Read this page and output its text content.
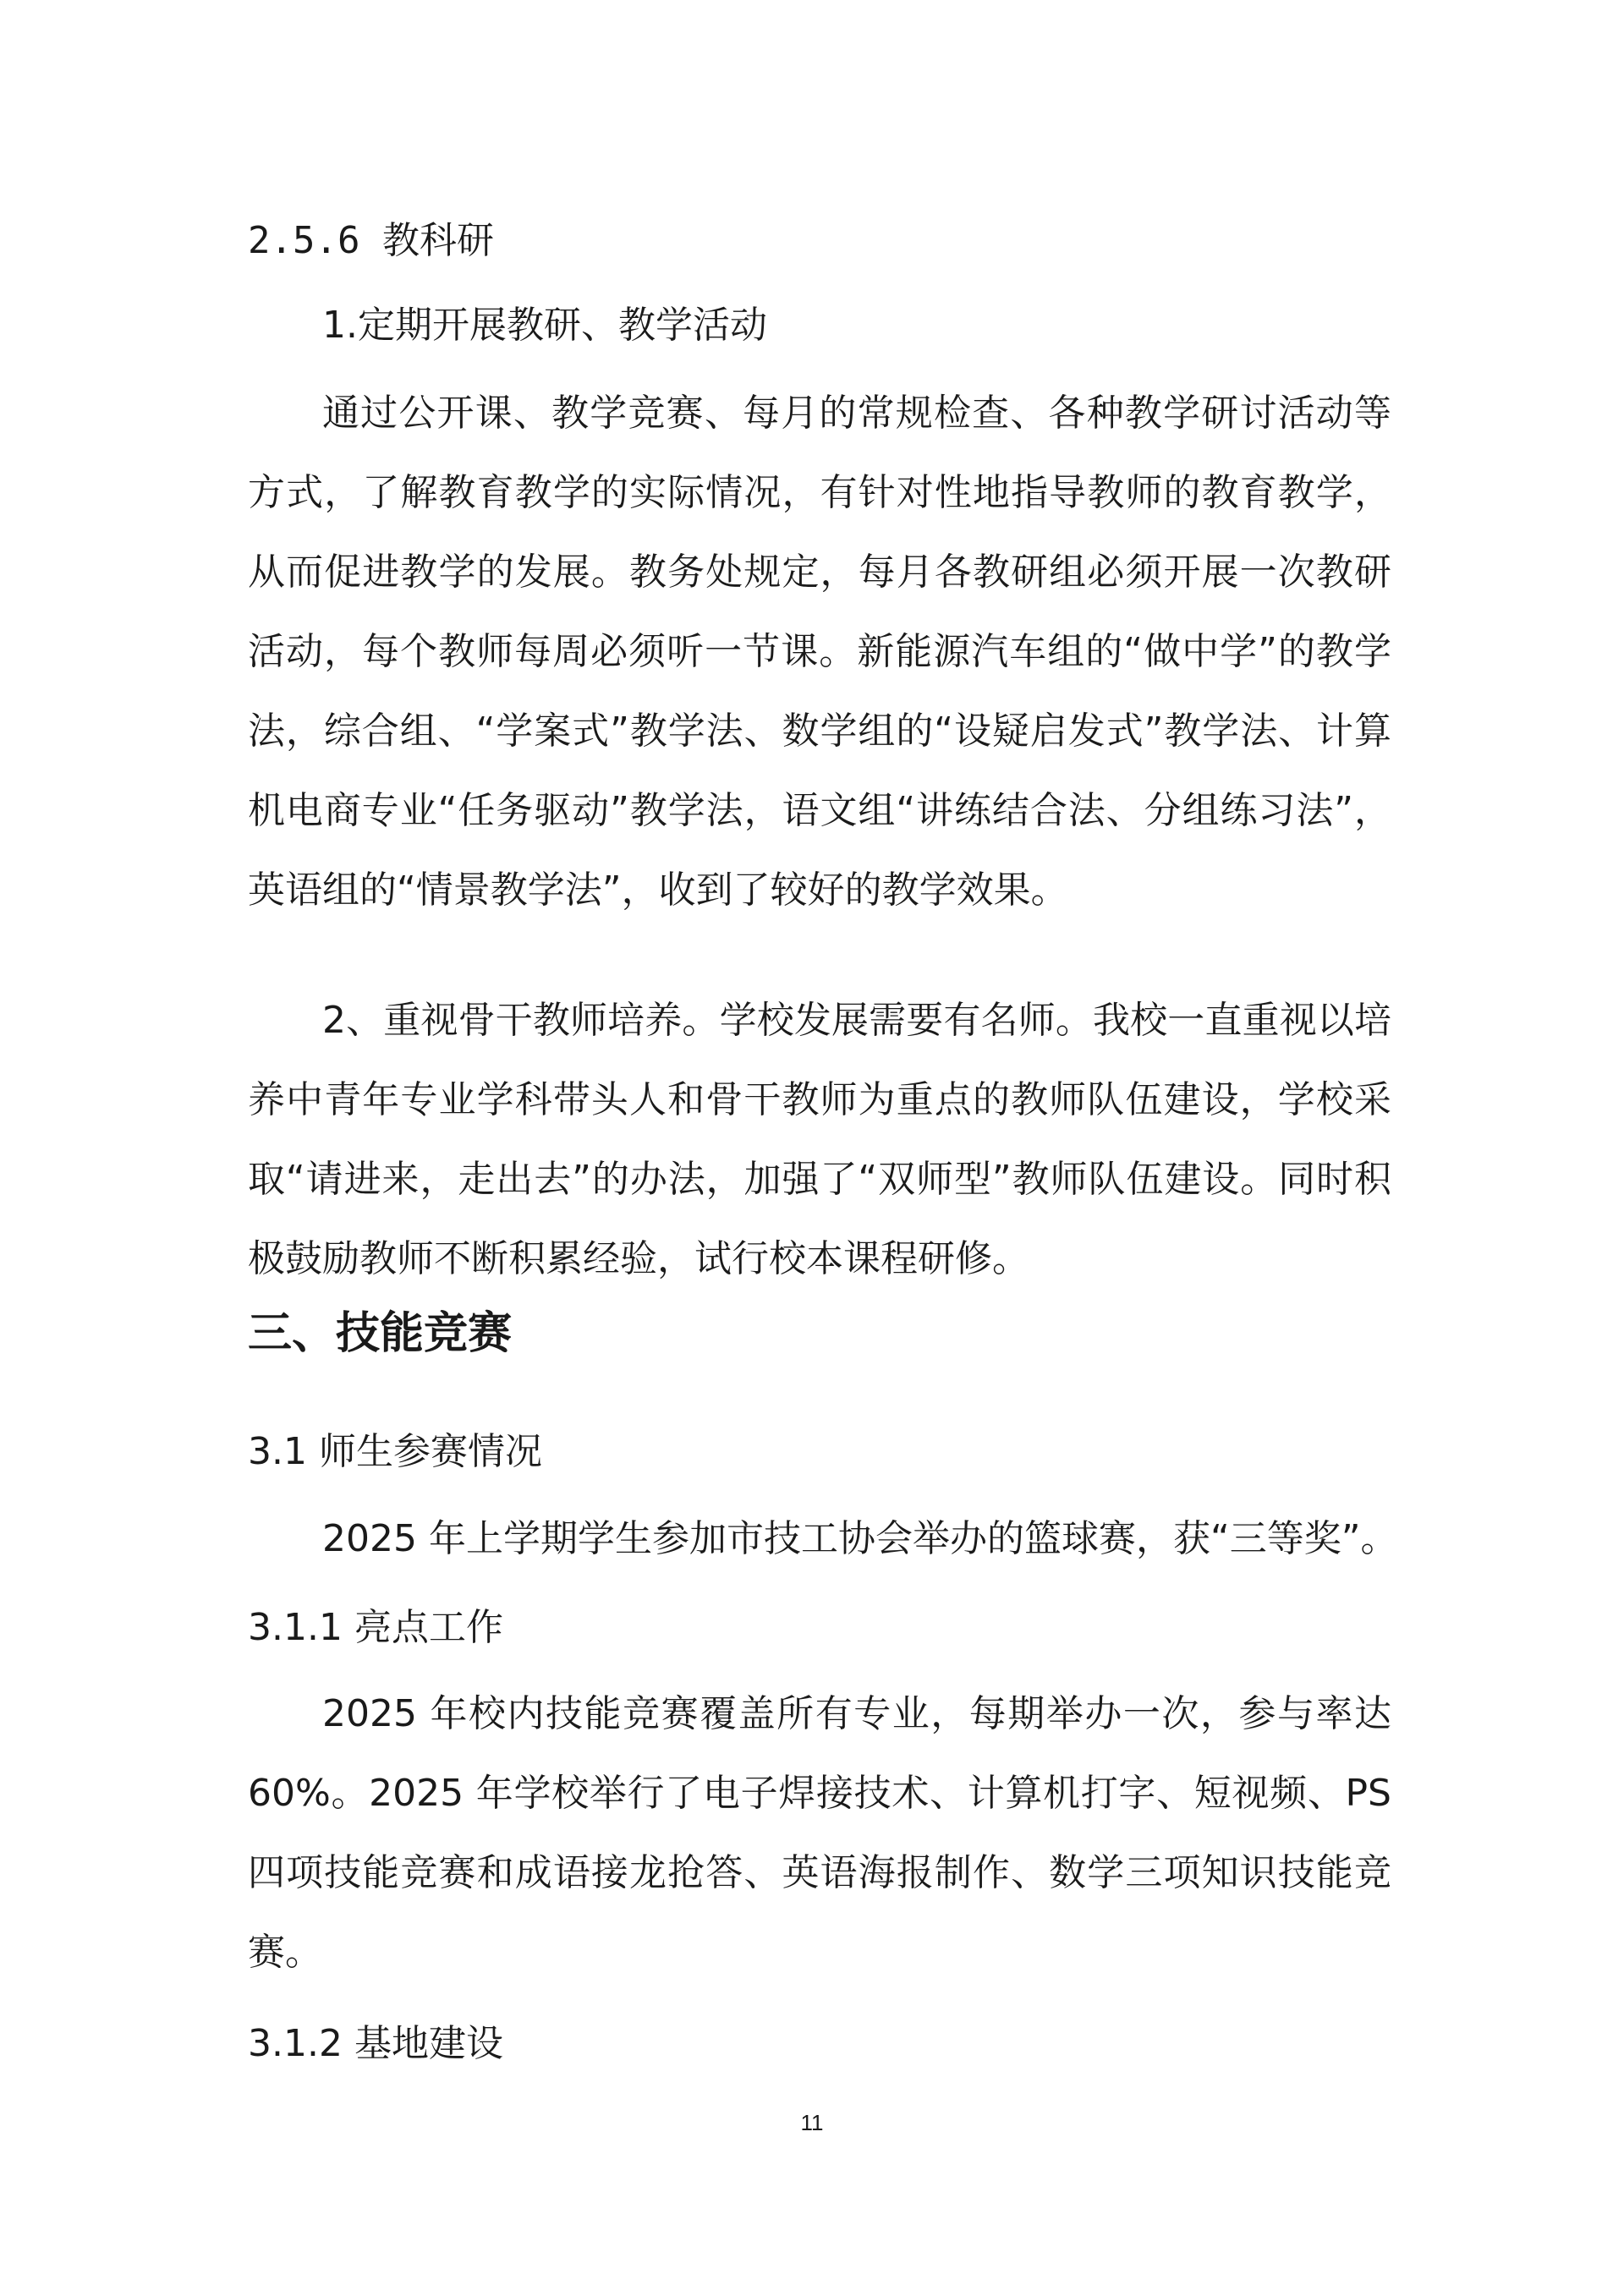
2.5.6 教科研
1.定期开展教研、教学活动
通过公开课、教学竞赛、每月的常规检查、各种教学研讨活动等方式，了解教育教学的实际情况，有针对性地指导教师的教育教学，从而促进教学的发展。教务处规定，每月各教研组必须开展一次教研活动，每个教师每周必须听一节课。新能源汽车组的“做中学”的教学法，综合组、“学案式”教学法、数学组的“设疑启发式”教学法、计算机电商专业“任务驱动”教学法，语文组“讲练结合法、分组练习法”，英语组的“情景教学法”，收到了较好的教学效果。
2、重视骨干教师培养。学校发展需要有名师。我校一直重视以培养中青年专业学科带头人和骨干教师为重点的教师队伍建设，学校采取“请进来，走出去”的办法，加强了“双师型”教师队伍建设。同时积极鼓励教师不断积累经验，试行校本课程研修。
三、技能竞赛
3.1 师生参赛情况
2025 年上学期学生参加市技工协会举办的篮球赛，获“三等奖”。
3.1.1 亮点工作
2025 年校内技能竞赛覆盖所有专业，每期举办一次，参与率达 60%。2025 年学校举行了电子焊接技术、计算机打字、短视频、PS 四项技能竞赛和成语接龙抢答、英语海报制作、数学三项知识技能竞赛。
3.1.2 基地建设
11
